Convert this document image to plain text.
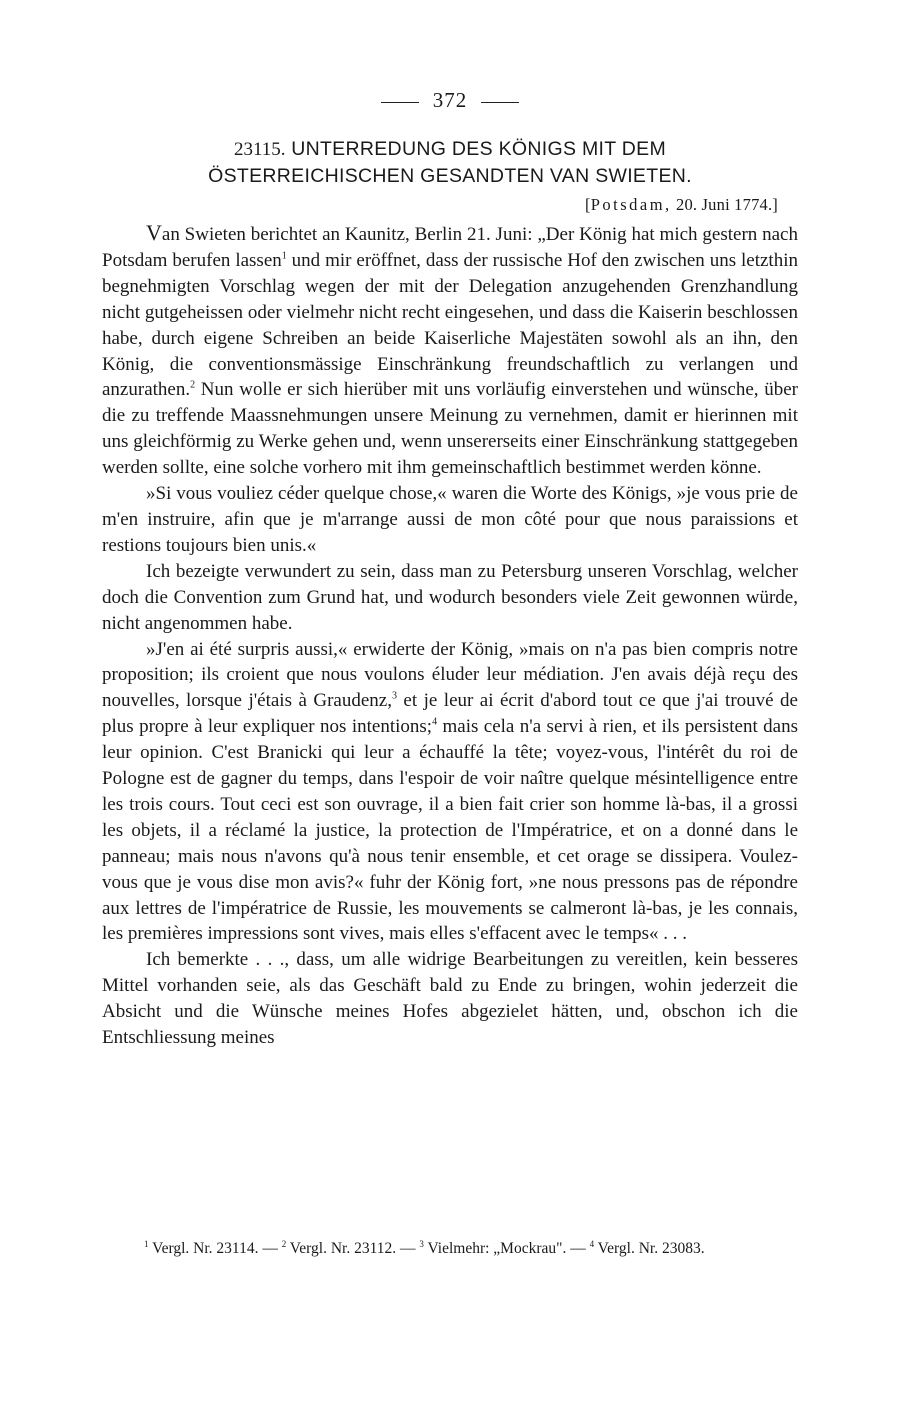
372
23115. UNTERREDUNG DES KÖNIGS MIT DEM
ÖSTERREICHISCHEN GESANDTEN VAN SWIETEN.
[Potsdam, 20. Juni 1774.]

Van Swieten berichtet an Kaunitz, Berlin 21. Juni: „Der König hat mich gestern nach Potsdam berufen lassen$^1$ und mir eröffnet, dass der russische Hof den zwischen uns letzthin begnehmigten Vorschlag wegen der mit der Delegation anzugehenden Grenzhandlung nicht gutgeheissen oder vielmehr nicht recht eingesehen, und dass die Kaiserin beschlossen habe, durch eigene Schreiben an beide Kaiserliche Majestäten sowohl als an ihn, den König, die conventionsmässige Einschränkung freundschaftlich zu verlangen und anzurathen.$^2$ Nun wolle er sich hierüber mit uns vorläufig einverstehen und wünsche, über die zu treffende Maassnehmungen unsere Meinung zu vernehmen, damit er hierinnen mit uns gleichförmig zu Werke gehen und, wenn unsererseits einer Einschränkung stattgegeben werden sollte, eine solche vorhero mit ihm gemeinschaftlich bestimmet werden könne.

»Si vous vouliez céder quelque chose,« waren die Worte des Königs, »je vous prie de m'en instruire, afin que je m'arrange aussi de mon côté pour que nous paraissions et restions toujours bien unis.«

Ich bezeigte verwundert zu sein, dass man zu Petersburg unseren Vorschlag, welcher doch die Convention zum Grund hat, und wodurch besonders viele Zeit gewonnen würde, nicht angenommen habe.

»J'en ai été surpris aussi,« erwiderte der König, »mais on n'a pas bien compris notre proposition; ils croient que nous voulons éluder leur médiation. J'en avais déjà reçu des nouvelles, lorsque j'étais à Graudenz,$^3$ et je leur ai écrit d'abord tout ce que j'ai trouvé de plus propre à leur expliquer nos intentions;$^4$ mais cela n'a servi à rien, et ils persistent dans leur opinion. C'est Branicki qui leur a échauffé la tête; voyez-vous, l'intérêt du roi de Pologne est de gagner du temps, dans l'espoir de voir naître quelque mésintelligence entre les trois cours. Tout ceci est son ouvrage, il a bien fait crier son homme là-bas, il a grossi les objets, il a réclamé la justice, la protection de l'Impératrice, et on a donné dans le panneau; mais nous n'avons qu'à nous tenir ensemble, et cet orage se dissipera. Voulez-vous que je vous dise mon avis?« fuhr der König fort, »ne nous pressons pas de répondre aux lettres de l'impératrice de Russie, les mouvements se calmeront là-bas, je les connais, les premières impressions sont vives, mais elles s'effacent avec le temps« . . .

Ich bemerkte . . ., dass, um alle widrige Bearbeitungen zu vereitlen, kein besseres Mittel vorhanden seie, als das Geschäft bald zu Ende zu bringen, wohin jederzeit die Absicht und die Wünsche meines Hofes abgezielet hätten, und, obschon ich die Entschliessung meines

$^1$ Vergl. Nr. 23114. — $^2$ Vergl. Nr. 23112. — $^3$ Vielmehr: „Mockrau". — $^4$ Vergl. Nr. 23083.
